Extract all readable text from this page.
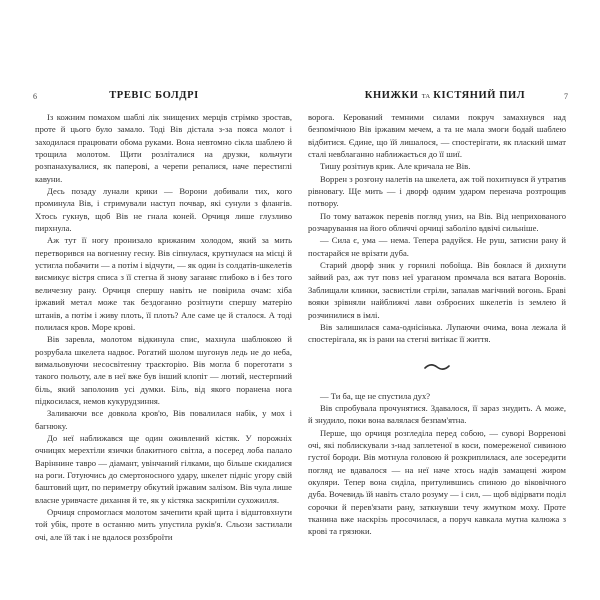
6	ТРЕВІС БОЛДРІ

Із кожним помахом шаблі лік знищених мерців стрімко зростав, проте й цього було замало. Тоді Вів дістала з-за пояса молот і заходилася працювати обома руками. Вона невтомно сікла шаблею й трощила молотом. Щити розліталися на друзки, кольчуги розпанахувалися, як паперові, а черепи репалися, наче перестиглі кавуни.

Десь позаду лунали крики — Ворони добивали тих, кого проминула Вів, і стримували наступ почвар, які сунули з флангів. Хтось гукнув, щоб Вів не гнала коней. Орчиця лише глузливо пирхнула.

Аж тут її ногу пронизало крижаним холодом, який за мить перетворився на вогненну гесну. Вів сіпнулася, крутнулася на місці й устигла побачити — а потім і відчути, — як один із солдатів-шкелетів висмикує вістря списа з її стегна й знову заганяє глибоко в і без того величезну рану. Орчиця спершу навіть не повірила очам: хіба іржавий метал може так бездоганно розітнути спершу матерію штанів, а потім і живу плоть, її плоть? Але саме це й сталося. А тоді полилася кров. Море крові.

Вів заревла, молотом відкинула спис, махнула шаблюкою й розрубала шкелета надвоє. Рогатий шолом шугонув ледь не до неба, вимальовуючи несосвітенну траєкторію. Вів могла б пореготати з такого польоту, але в неї вже був інший клопіт — лютий, нестерпний біль, який заполонив усі думки. Біль, від якого поранена нога підкосилася, немов кукурудзиння.

Заливаючи все довкола кров'ю, Вів повалилася набік, у мох і багнюку.

До неї наближався ще один оживлений кістяк. У порожніх очницях мерехтіли язички блакитного світла, а посеред лоба палало Варіннине тавро — діамант, увінчаний гілками, що більше скидалися на роги. Готуючись до смертоносного удару, шкелет підніс угору свій баштовий щит, по периметру обкутий іржавим залізом. Вів чула лише власне уривчасте дихання й те, як у кістяка заскрипіли сухожилля.

Орчиця спромоглася молотом зачепити край щита і відштовхнути той убік, проте в останню мить упустила руків'я. Сльози застилали очі, але їй так і не вдалося роззброїти

КНИЖКИ ТА КІСТЯНИЙ ПИЛ	7

ворога. Керований темними силами покруч замахнувся над безпомічною Вів іржавим мечем, а та не мала змоги бодай шаблею відбитися. Єдине, що їй лишалося, — спостерігати, як плаский шмат сталі невблаганно наближається до її шиї.

Тишу розітнув крик. Але кричала не Вів.

Воррен з розгону налетів на шкелета, аж той похитнувся й утратив рівновагу. Ще мить — і дворф одним ударом перенача розтрощив потвору.

По тому ватажок перевів погляд униз, на Вів. Від неприхованого розчарування на його обличчі орчиці заболіло вдвічі сильніше.

— Сила є, ума — нема. Тепера радуйся. Не руш, затисни рану й постарайся не врізати дуба.

Старий дворф зник у горнилі побоїща. Вів боялася й дихнути зайвий раз, аж тут повз неї ураганом промчала вся ватага Воронів. Заблищали клинки, засвистіли стріли, запалав магічний вогонь. Браві вояки зрівняли найближчі лави озброєних шкелетів із землею й розчинилися в імлі.

Вів залишилася сама-однісінька. Лупаючи очима, вона лежала й спостерігала, як із рани на стегні витікає її життя.

— Ти ба, ще не спустила дух?

Вів спробувала прочунятися. Здавалося, її зараз знудить. А може, й знудило, поки вона валялася безпам'ятна.

Перше, що орчиця розгледіла перед собою, — суворі Ворренові очі, які поблискували з-над заплетеної в коси, помереженої сивиною густої бороди. Вів мотнула головою й розкриплилася, але зосередити погляд не вдавалося — на неї наче хтось надів замащені жиром окуляри. Тепер вона сиділа, притулившись спиною до віковічного дуба. Вочевидь їй навіть стало розуму — і сил, — щоб відірвати поділ сорочки й перев'язати рану, заткнувши течу жмутком моху. Проте тканина вже наскрізь просочилася, а поруч кавкала мутна калюжа з крові та грязюки.
